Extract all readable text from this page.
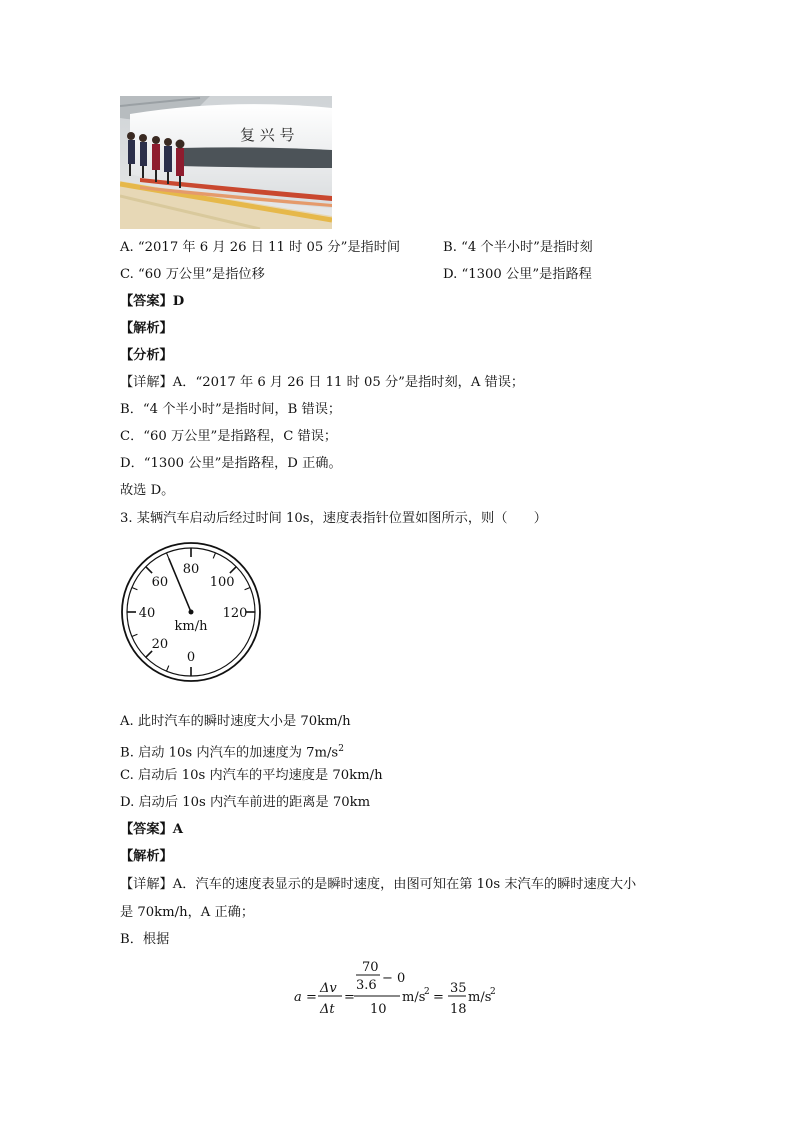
复 兴 号
A. “2017 年 6 月 26 日 11 时 05 分”是指时间	B. “4 个半小时”是指时刻
C. “60 万公里”是指位移	D. “1300 公里”是指路程
【答案】D
【解析】
【分析】
【详解】A．“2017 年 6 月 26 日 11 时 05 分”是指时刻，A 错误；
B．“4 个半小时”是指时间，B 错误；
C．“60 万公里”是指路程，C 错误；
D．“1300 公里”是指路程，D 正确。
故选 D。
3. 某辆汽车启动后经过时间 10s，速度表指针位置如图所示，则（　　）
0
20
40
60
80
100
120
km/h
A. 此时汽车的瞬时速度大小是 70km/h
B. 启动 10s 内汽车的加速度为 $7m/s^2$
C. 启动后 10s 内汽车的平均速度是 70km/h
D. 启动后 10s 内汽车前进的距离是 70km
【答案】A
【解析】
【详解】A．汽车的速度表显示的是瞬时速度，由图可知在第 10s 末汽车的瞬时速度大小
是 70km/h，A 正确；
B．根据
a =
Δv
Δt
=
70
3.6 − 0
10
m/s
2 =
35
18
m/s
2
